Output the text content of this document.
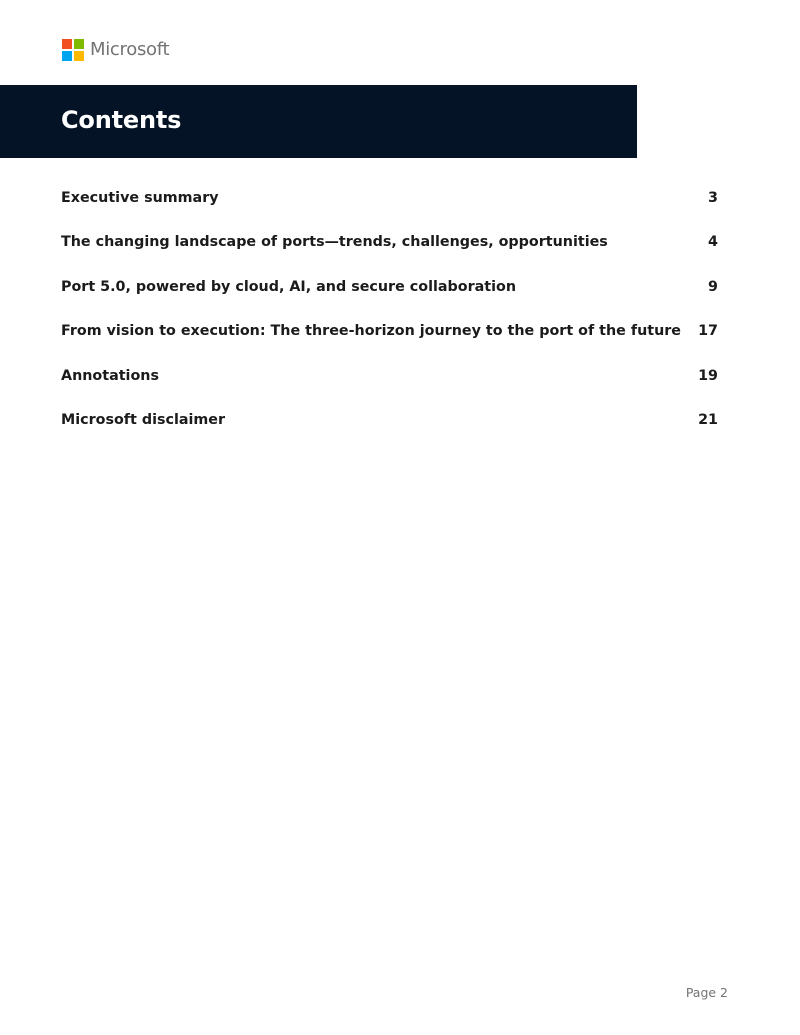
Microsoft
Contents
Executive summary	3
The changing landscape of ports—trends, challenges, opportunities	4
Port 5.0, powered by cloud, AI, and secure collaboration	9
From vision to execution: The three-horizon journey to the port of the future 17
Annotations	19
Microsoft disclaimer	21
Page 2
